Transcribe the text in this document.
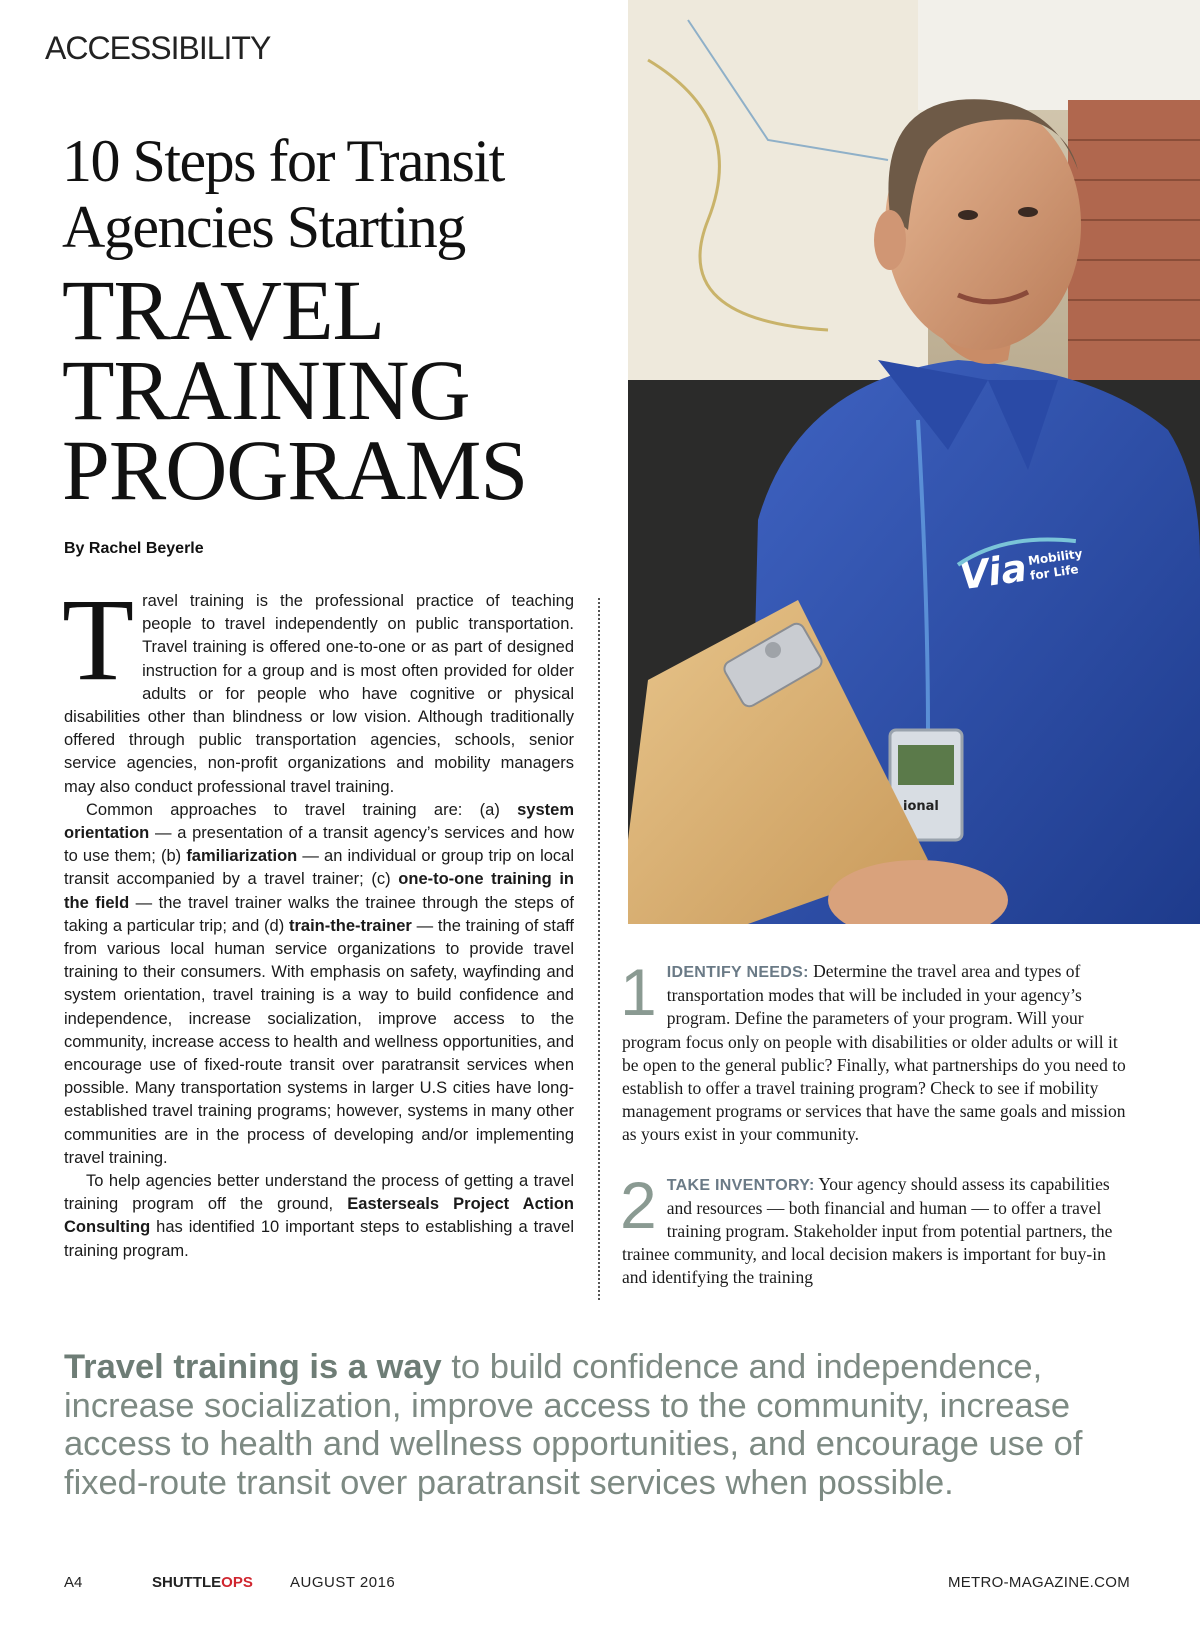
ACCESSIBILITY
10 Steps for Transit
Agencies Starting
TRAVEL
TRAINING
PROGRAMS
By Rachel Beyerle

Travel training is the professional practice of teaching people to travel independently on public transportation. Travel training is offered one-to-one or as part of designed instruction for a group and is most often provided for older adults or for people who have cognitive or physical disabilities other than blindness or low vision. Although traditionally offered through public transportation agencies, schools, senior service agencies, non-profit organizations and mobility managers may also conduct professional travel training.

Common approaches to travel training are: (a) system orientation — a presentation of a transit agency’s services and how to use them; (b) familiarization — an individual or group trip on local transit accompanied by a travel trainer; (c) one-to-one training in the field — the travel trainer walks the trainee through the steps of taking a particular trip; and (d) train-the-trainer — the training of staff from various local human service organizations to provide travel training to their consumers. With emphasis on safety, wayfinding and system orientation, travel training is a way to build confidence and independence, increase socialization, improve access to the community, increase access to health and wellness opportunities, and encourage use of fixed-route transit over paratransit services when possible. Many transportation systems in larger U.S cities have long-established travel training programs; however, systems in many other communities are in the process of developing and/or implementing travel training.

To help agencies better understand the process of getting a travel training program off the ground, Easterseals Project Action Consulting has identified 10 important steps to establishing a travel training program.

Via
Mobility
for Life
ional
1 IDENTIFY NEEDS: Determine the travel area and types of transportation modes that will be included in your agency’s program. Define the parameters of your program. Will your program focus only on people with disabilities or older adults or will it be open to the general public? Finally, what partnerships do you need to establish to offer a travel training program? Check to see if mobility management programs or services that have the same goals and mission as yours exist in your community.
2 TAKE INVENTORY: Your agency should assess its capabilities and resources — both financial and human — to offer a travel training program. Stakeholder input from potential partners, the trainee community, and local decision makers is important for buy-in and identifying the training
Travel training is a way to build confidence and independence, increase socialization, improve access to the community, increase access to health and wellness opportunities, and encourage use of fixed-route transit over paratransit services when possible.
A4	SHUTTLEOPS AUGUST 2016	METRO-MAGAZINE.COM
